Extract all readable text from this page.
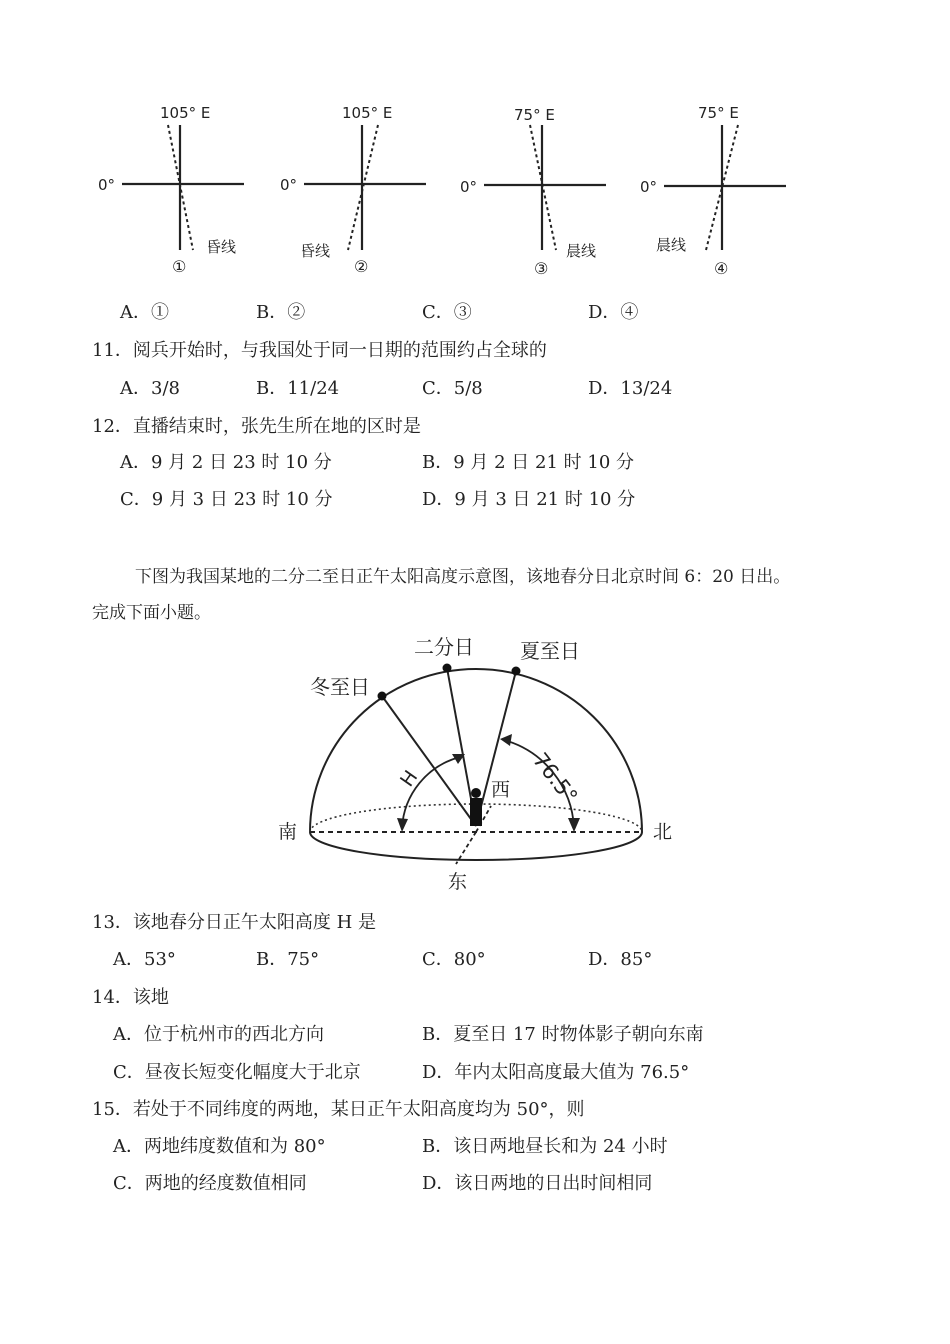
105° E
0°
昏线
①
105° E
0°
昏线
②
75° E
0°
晨线
③
75° E
0°
晨线
④
A．①	B．②	C．③	D．④
11．阅兵开始时，与我国处于同一日期的范围约占全球的
A．3/8	B．11/24	C．5/8	D．13/24
12．直播结束时，张先生所在地的区时是
A．9 月 2 日 23 时 10 分	B．9 月 2 日 21 时 10 分
C．9 月 3 日 23 时 10 分	D．9 月 3 日 21 时 10 分
下图为我国某地的二分二至日正午太阳高度示意图，该地春分日北京时间 6：20 日出。
完成下面小题。
冬至日
二分日 夏至日
76.5°
H
南	北
西
东
13．该地春分日正午太阳高度 H 是
A．53°	B．75°	C．80°	D．85°
14．该地
A．位于杭州市的西北方向	B．夏至日 17 时物体影子朝向东南
C．昼夜长短变化幅度大于北京	D．年内太阳高度最大值为 76.5°
15．若处于不同纬度的两地，某日正午太阳高度均为 50°，则
A．两地纬度数值和为 80°	B．该日两地昼长和为 24 小时
C．两地的经度数值相同	D．该日两地的日出时间相同
